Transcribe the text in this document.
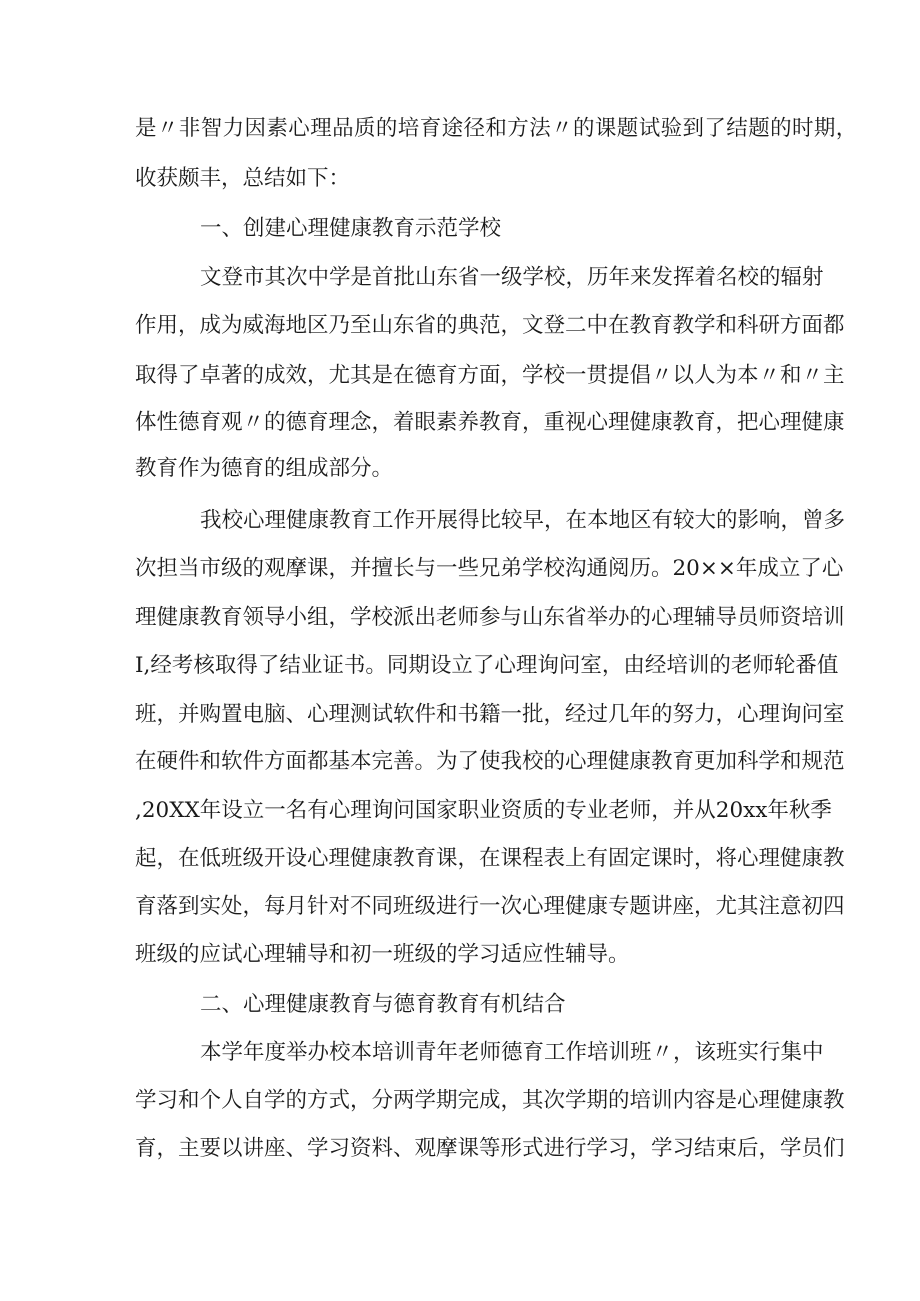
是〃非智力因素心理品质的培育途径和方法〃的课题试验到了结题的时期，
收获颇丰，总结如下：
一、创建心理健康教育示范学校
文登市其次中学是首批山东省一级学校，历年来发挥着名校的辐射
作用，成为威海地区乃至山东省的典范，文登二中在教育教学和科研方面都
取得了卓著的成效，尤其是在德育方面，学校一贯提倡〃以人为本〃和〃主
体性德育观〃的德育理念，着眼素养教育，重视心理健康教育，把心理健康
教育作为德育的组成部分。
我校心理健康教育工作开展得比较早，在本地区有较大的影响，曾多
次担当市级的观摩课，并擅长与一些兄弟学校沟通阅历。20××年成立了心
理健康教育领导小组，学校派出老师参与山东省举办的心理辅导员师资培训
I,经考核取得了结业证书。同期设立了心理询问室，由经培训的老师轮番值
班，并购置电脑、心理测试软件和书籍一批，经过几年的努力，心理询问室
在硬件和软件方面都基本完善。为了使我校的心理健康教育更加科学和规范
,20XX年设立一名有心理询问国家职业资质的专业老师，并从20xx年秋季
起，在低班级开设心理健康教育课，在课程表上有固定课时，将心理健康教
育落到实处，每月针对不同班级进行一次心理健康专题讲座，尤其注意初四
班级的应试心理辅导和初一班级的学习适应性辅导。
二、心理健康教育与德育教育有机结合
本学年度举办校本培训青年老师德育工作培训班〃，该班实行集中
学习和个人自学的方式，分两学期完成，其次学期的培训内容是心理健康教
育，主要以讲座、学习资料、观摩课等形式进行学习，学习结束后，学员们
